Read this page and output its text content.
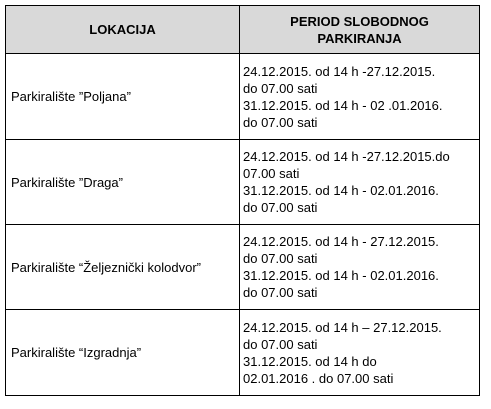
LOKACIJA	PERIOD SLOBODNOG
PARKIRANJA

Parkiralište ”Poljana”	24.12.2015. od 14 h -27.12.2015.
do 07.00 sati
31.12.2015. od 14 h - 02 .01.2016.
do 07.00 sati

Parkiralište ”Draga”	24.12.2015. od 14 h -27.12.2015.do
07.00 sati
31.12.2015. od 14 h - 02.01.2016.
do 07.00 sati

Parkiralište “Željeznički kolodvor”	24.12.2015. od 14 h - 27.12.2015.
do 07.00 sati
31.12.2015. od 14 h - 02.01.2016.
do 07.00 sati

Parkiralište “Izgradnja”	24.12.2015. od 14 h – 27.12.2015.
do 07.00 sati
31.12.2015. od 14 h do
02.01.2016 . do 07.00 sati
